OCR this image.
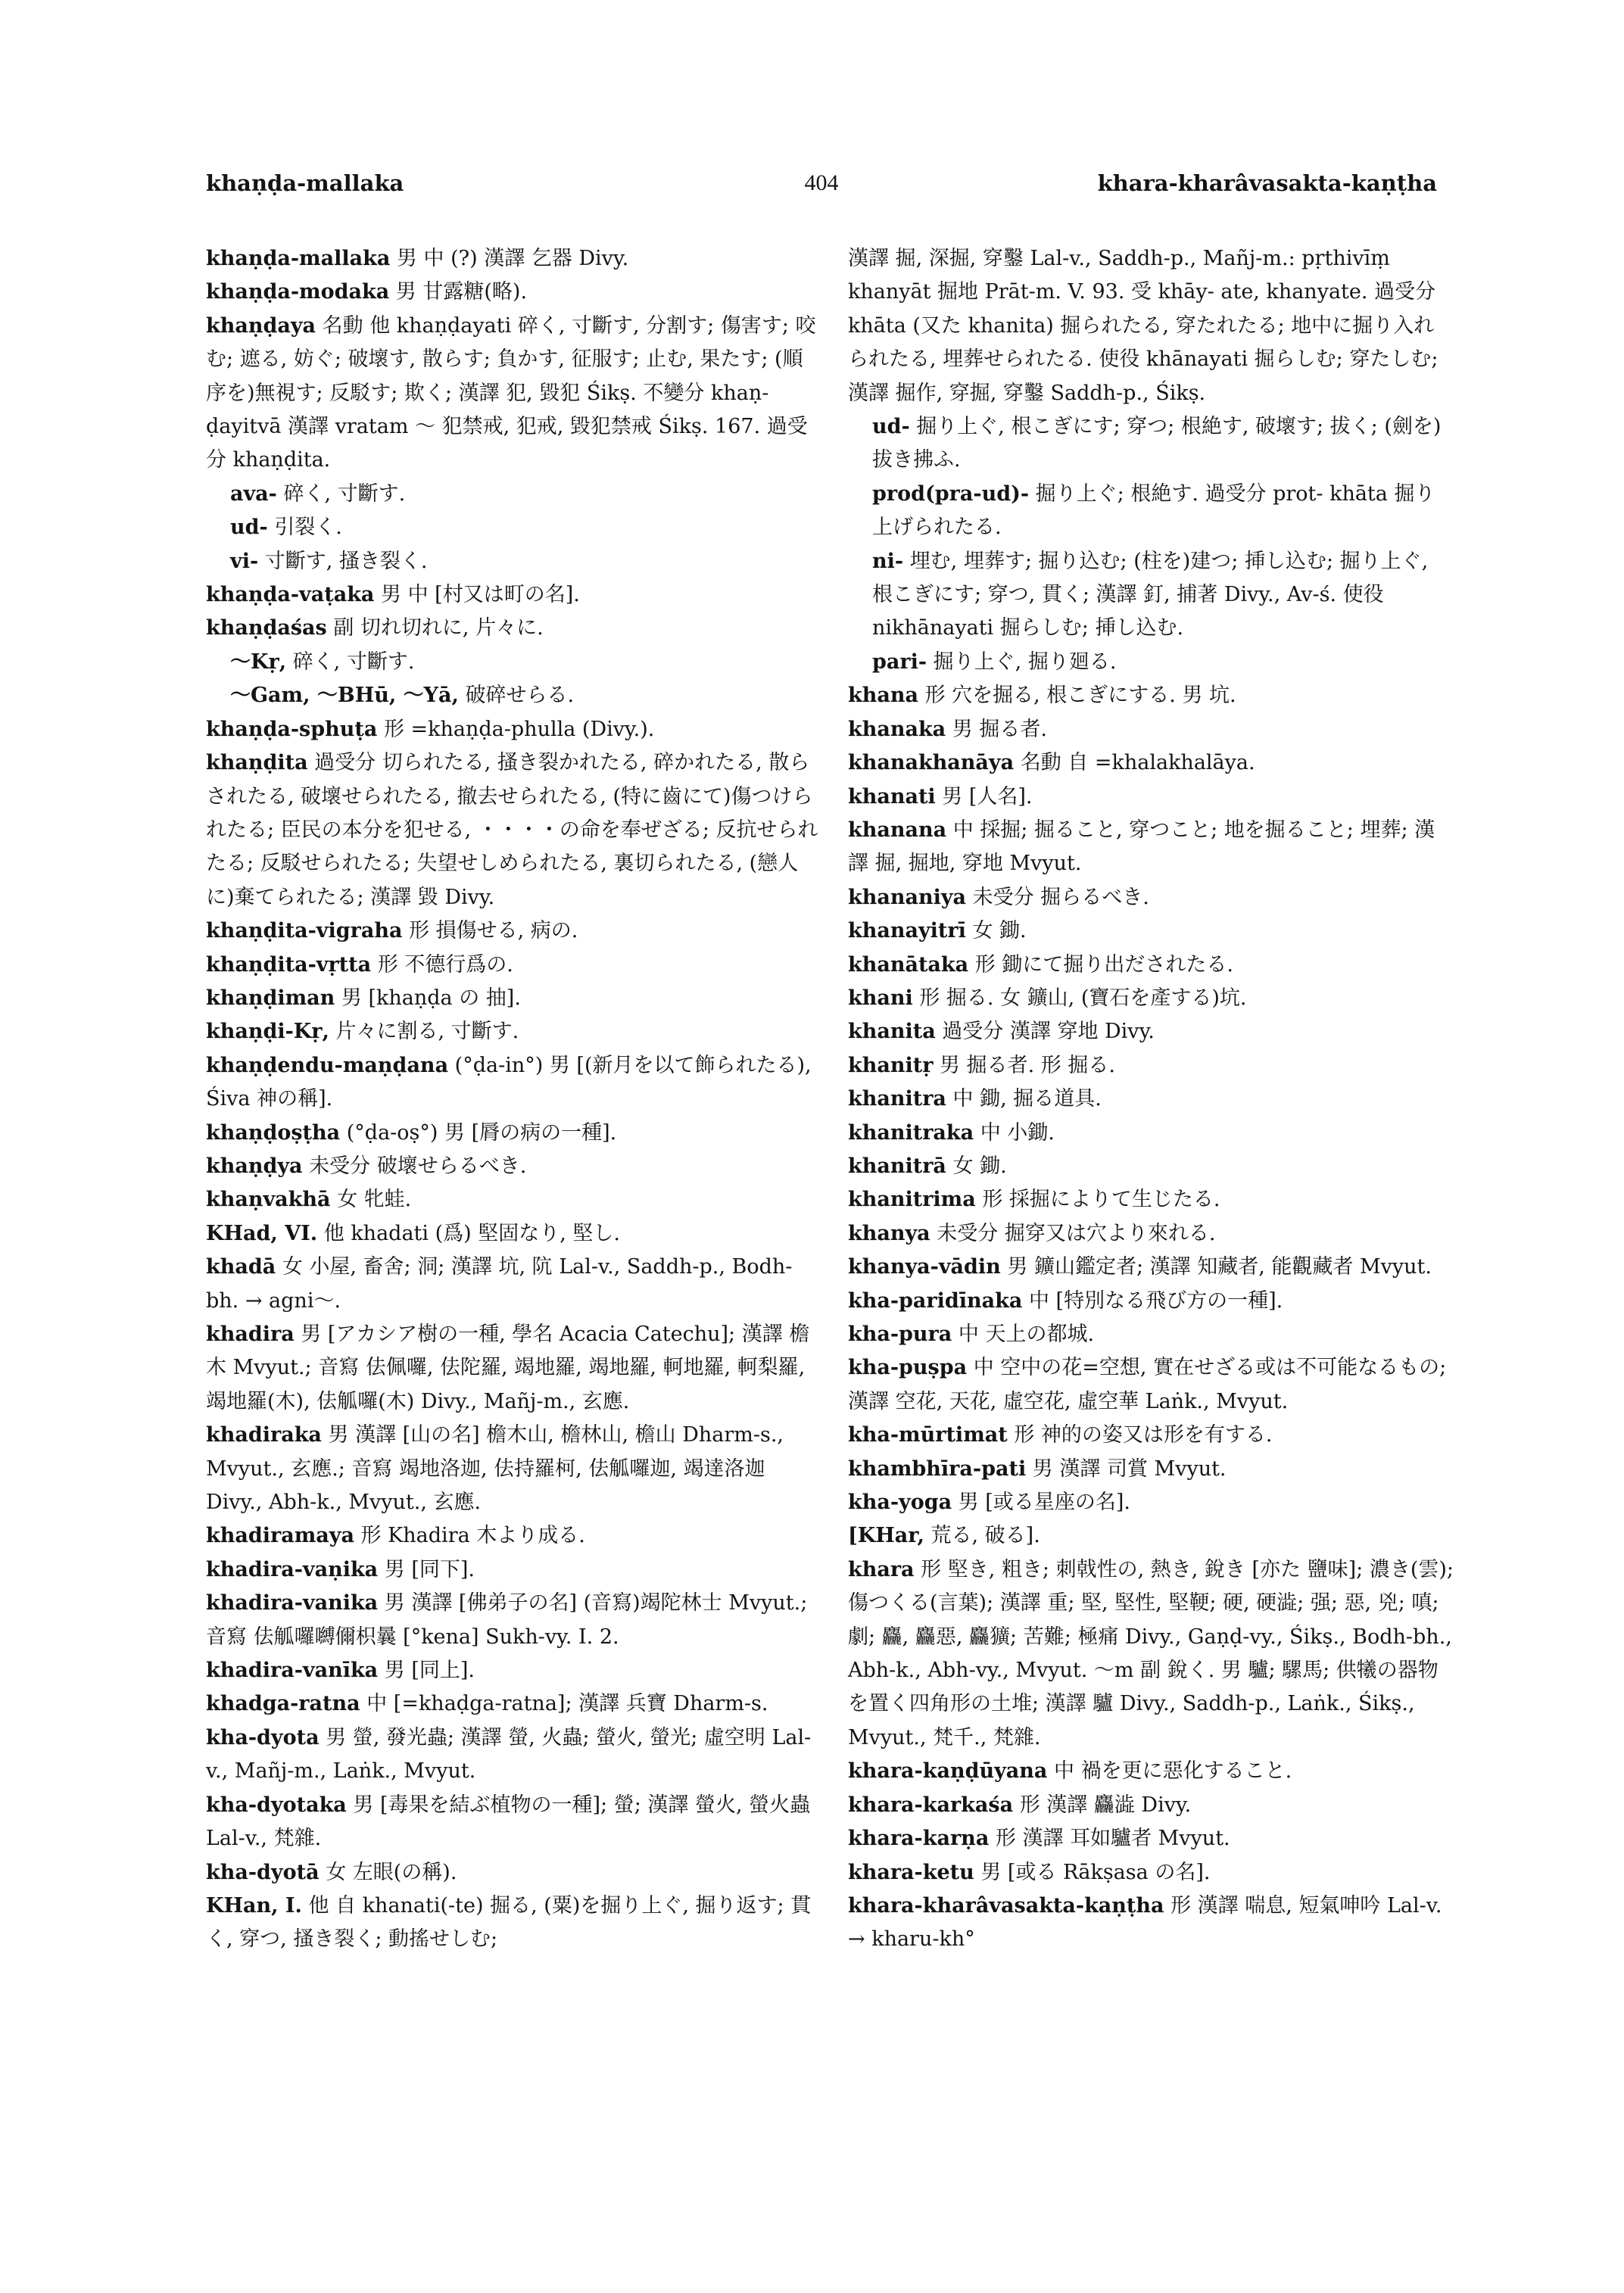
khaṇḍa-mallaka	404	khara-kharâvasakta-kaṇṭha

khaṇḍa-mallaka 男 中 (?) 漢譯 乞器 Divy.

khaṇḍa-modaka 男 甘露糖(略).

khaṇḍaya 名動 他 khaṇḍayati 碎く, 寸斷す, 分割す; 傷害す; 咬む; 遮る, 妨ぐ; 破壞す, 散らす; 負かす, 征服す; 止む, 果たす; (順序を)無視す; 反駁す; 欺く; 漢譯 犯, 毀犯 Śikṣ. 不變分 khaṇ- ḍayitvā 漢譯 vratam 〜 犯禁戒, 犯戒, 毀犯禁戒 Śikṣ. 167. 過受分 khaṇḍita.

ava- 碎く, 寸斷す.

ud- 引裂く.

vi- 寸斷す, 搔き裂く.

khaṇḍa-vaṭaka 男 中 [村又は町の名].

khaṇḍaśas 副 切れ切れに, 片々に.

〜Kṛ, 碎く, 寸斷す.

〜Gam, 〜BHū, 〜Yā, 破碎せらる.

khaṇḍa-sphuṭa 形 =khaṇḍa-phulla (Divy.).

khaṇḍita 過受分 切られたる, 搔き裂かれたる, 碎かれたる, 散らされたる, 破壞せられたる, 撤去せられたる, (特に齒にて)傷つけられたる; 臣民の本分を犯せる, ・・・・の命を奉ぜざる; 反抗せられたる; 反駁せられたる; 失望せしめられたる, 裏切られたる, (戀人に)棄てられたる; 漢譯 毀 Divy.

khaṇḍita-vigraha 形 損傷せる, 病の.

khaṇḍita-vṛtta 形 不德行爲の.

khaṇḍiman 男 [khaṇḍa の 抽].

khaṇḍi-Kṛ, 片々に割る, 寸斷す.

khaṇḍendu-maṇḍana (°ḍa-in°) 男 [(新月を以て飾られたる), Śiva 神の稱].

khaṇḍoṣṭha (°ḍa-oṣ°) 男 [脣の病の一種].

khaṇḍya 未受分 破壞せらるべき.

khaṇvakhā 女 牝蛙.

KHad, VI. 他 khadati (爲) 堅固なり, 堅し.

khadā 女 小屋, 畜舍; 洞; 漢譯 坑, 阬 Lal-v., Saddh-p., Bodh-bh. → agni〜.

khadira 男 [アカシア樹の一種, 學名 Acacia Catechu]; 漢譯 檐木 Mvyut.; 音寫 佉佩囉, 佉陀羅, 竭地羅, 竭地羅, 軻地羅, 軻梨羅, 竭地羅(木), 佉觚囉(木) Divy., Mañj-m., 玄應.

khadiraka 男 漢譯 [山の名] 檐木山, 檐林山, 檐山 Dharm-s., Mvyut., 玄應.; 音寫 竭地洛迦, 佉持羅柯, 佉觚囉迦, 竭達洛迦 Divy., Abh-k., Mvyut., 玄應.

khadiramaya 形 Khadira 木より成る.

khadira-vaṇika 男 [同下].

khadira-vanika 男 漢譯 [佛弟子の名] (音寫)竭陀林士 Mvyut.; 音寫 佉觚囉嚩儞枳曩 [°kena] Sukh-vy. I. 2.

khadira-vanīka 男 [同上].

khadga-ratna 中 [=khaḍga-ratna]; 漢譯 兵寶 Dharm-s.

kha-dyota 男 螢, 發光蟲; 漢譯 螢, 火蟲; 螢火, 螢光; 虛空明 Lal-v., Mañj-m., Laṅk., Mvyut.

kha-dyotaka 男 [毒果を結ぶ植物の一種]; 螢; 漢譯 螢火, 螢火蟲 Lal-v., 梵雜.

kha-dyotā 女 左眼(の稱).

KHan, I. 他 自 khanati(-te) 掘る, (粟)を掘り上ぐ, 掘り返す; 貫く, 穿つ, 搔き裂く; 動搖せしむ;

漢譯 掘, 深掘, 穿鑿 Lal-v., Saddh-p., Mañj-m.: pṛthivīṃ khanyāt 掘地 Prāt-m. V. 93. 受 khāy- ate, khanyate. 過受分 khāta (又た khanita) 掘られたる, 穿たれたる; 地中に掘り入れられたる, 埋葬せられたる. 使役 khānayati 掘らしむ; 穿たしむ; 漢譯 掘作, 穿掘, 穿鑿 Saddh-p., Śikṣ.

ud- 掘り上ぐ, 根こぎにす; 穿つ; 根絶す, 破壞す; 拔く; (劍を)拔き拂ふ.

prod(pra-ud)- 掘り上ぐ; 根絶す. 過受分 prot- khāta 掘り上げられたる.

ni- 埋む, 埋葬す; 掘り込む; (柱を)建つ; 挿し込む; 掘り上ぐ, 根こぎにす; 穿つ, 貫く; 漢譯 釘, 捕著 Divy., Av-ś. 使役 nikhānayati 掘らしむ; 挿し込む.

pari- 掘り上ぐ, 掘り廻る.

khana 形 穴を掘る, 根こぎにする. 男 坑.

khanaka 男 掘る者.

khanakhanāya 名動 自 =khalakhalāya.

khanati 男 [人名].

khanana 中 採掘; 掘ること, 穿つこと; 地を掘ること; 埋葬; 漢譯 掘, 掘地, 穿地 Mvyut.

khananiya 未受分 掘らるべき.

khanayitrī 女 鋤.

khanātaka 形 鋤にて掘り出だされたる.

khani 形 掘る. 女 鑛山, (寶石を產する)坑.

khanita 過受分 漢譯 穿地 Divy.

khanitṛ 男 掘る者. 形 掘る.

khanitra 中 鋤, 掘る道具.

khanitraka 中 小鋤.

khanitrā 女 鋤.

khanitrima 形 採掘によりて生じたる.

khanya 未受分 掘穿又は穴より來れる.

khanya-vādin 男 鑛山鑑定者; 漢譯 知藏者, 能觀藏者 Mvyut.

kha-paridīnaka 中 [特別なる飛び方の一種].

kha-pura 中 天上の都城.

kha-puṣpa 中 空中の花=空想, 實在せざる或は不可能なるもの; 漢譯 空花, 天花, 虛空花, 虛空華 Laṅk., Mvyut.

kha-mūrtimat 形 神的の姿又は形を有する.

khambhīra-pati 男 漢譯 司賞 Mvyut.

kha-yoga 男 [或る星座の名].

[KHar, 荒る, 破る].

khara 形 堅き, 粗き; 刺戟性の, 熱き, 銳き [亦た 鹽味]; 濃き(雲); 傷つくる(言葉); 漢譯 重; 堅, 堅性, 堅鞕; 硬, 硬澁; 强; 惡, 兇; 嗔; 劇; 麤, 麤惡, 麤獷; 苦難; 極痛 Divy., Gaṇḍ-vy., Śikṣ., Bodh-bh., Abh-k., Abh-vy., Mvyut. 〜m 副 銳く. 男 驢; 騾馬; 供犧の器物を置く四角形の土堆; 漢譯 驢 Divy., Saddh-p., Laṅk., Śikṣ., Mvyut., 梵千., 梵雜.

khara-kaṇḍūyana 中 禍を更に惡化すること.

khara-karkaśa 形 漢譯 麤澁 Divy.

khara-karṇa 形 漢譯 耳如驢者 Mvyut.

khara-ketu 男 [或る Rākṣasa の名].

khara-kharâvasakta-kaṇṭha 形 漢譯 喘息, 短氣呻吟 Lal-v. → kharu-kh°
